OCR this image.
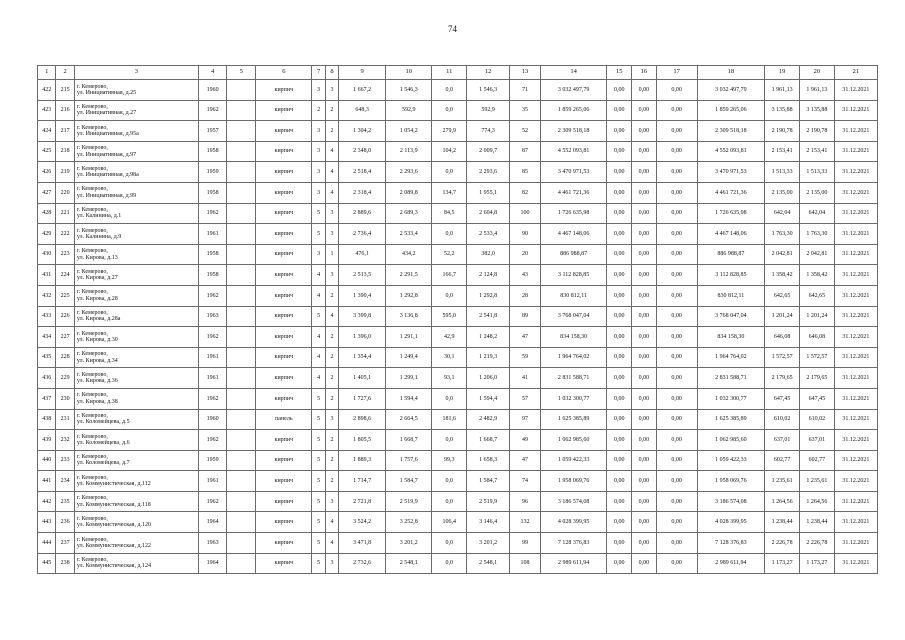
74
1	2	3	4	5	6	7	8	9	10	11	12	13	14	15	16	17	18	19	20	21
422	215	г. Кемерово,
ул. Инициативная, д.25	1960		кирпич	3	3	1 667,2	1 546,3	0,0	1 546,3	71	3 032 497,79	0,00	0,00	0,00	3 032 497,79	1 961,13	1 961,13	31.12.2021
423	216	г. Кемерово,
ул. Инициативная, д.27	1962		кирпич	2	2	648,3	592,9	0,0	592,9	35	1 859 265,06	0,00	0,00	0,00	1 859 265,06	3 135,88	3 135,88	31.12.2021
424	217	г. Кемерово,
ул. Инициативная, д.95а	1957		кирпич	3	2	1 304,2	1 054,2	279,9	774,3	52	2 309 518,18	0,00	0,00	0,00	2 309 518,18	2 190,78	2 190,78	31.12.2021
425	218	г. Кемерово,
ул. Инициативная, д.97	1958		кирпич	3	4	2 348,0	2 113,9	104,2	2 009,7	87	4 552 093,81	0,00	0,00	0,00	4 552 093,81	2 153,41	2 153,41	31.12.2021
426	219	г. Кемерово,
ул. Инициативная, д.98а	1959		кирпич	3	4	2 518,4	2 293,6	0,0	2 293,6	85	3 470 971,53	0,00	0,00	0,00	3 470 971,53	1 513,33	1 513,33	31.12.2021
427	220	г. Кемерово,
ул. Инициативная, д.99	1958		кирпич	3	4	2 318,4	2 089,8	134,7	1 955,1	82	4 461 721,36	0,00	0,00	0,00	4 461 721,36	2 135,00	2 135,00	31.12.2021
428	221	г. Кемерово,
ул. Калинина, д.1	1962		кирпич	5	3	2 889,6	2 689,3	84,5	2 604,8	100	1 726 635,98	0,00	0,00	0,00	1 726 635,98	642,04	642,04	31.12.2021
429	222	г. Кемерово,
ул. Калинина, д.9	1961		кирпич	5	3	2 736,4	2 533,4	0,0	2 533,4	90	4 467 148,06	0,00	0,00	0,00	4 467 148,06	1 763,30	1 763,30	31.12.2021
430	223	г. Кемерово,
ул. Кирова, д.13	1958		кирпич	3	1	476,1	434,2	52,2	382,0	20	886 988,87	0,00	0,00	0,00	886 988,87	2 042,81	2 042,81	31.12.2021
431	224	г. Кемерово,
ул. Кирова, д.27	1958		кирпич	4	3	2 513,5	2 291,5	166,7	2 124,8	43	3 112 828,85	0,00	0,00	0,00	3 112 828,85	1 358,42	1 358,42	31.12.2021
432	225	г. Кемерово,
ул. Кирова, д.28	1962		кирпич	4	2	1 390,4	1 292,8	0,0	1 292,8	28	830 812,11	0,00	0,00	0,00	830 812,11	642,65	642,65	31.12.2021
433	226	г. Кемерово,
ул. Кирова, д.28а	1963		кирпич	5	4	3 399,8	3 136,8	595,0	2 541,8	89	3 768 047,04	0,00	0,00	0,00	3 768 047,04	1 201,24	1 201,24	31.12.2021
434	227	г. Кемерово,
ул. Кирова, д.30	1962		кирпич	4	2	1 396,0	1 291,1	42,9	1 248,2	47	834 158,30	0,00	0,00	0,00	834 158,30	646,08	646,08	31.12.2021
435	228	г. Кемерово,
ул. Кирова, д.34	1961		кирпич	4	2	1 354,4	1 249,4	30,1	1 219,3	59	1 964 764,02	0,00	0,00	0,00	1 964 764,02	1 572,57	1 572,57	31.12.2021
436	229	г. Кемерово,
ул. Кирова, д.36	1961		кирпич	4	2	1 405,1	1 299,1	93,1	1 206,0	41	2 831 588,71	0,00	0,00	0,00	2 831 588,71	2 179,65	2 179,65	31.12.2021
437	230	г. Кемерово,
ул. Кирова, д.38	1962		кирпич	5	2	1 727,6	1 594,4	0,0	1 594,4	57	1 032 300,77	0,00	0,00	0,00	1 032 300,77	647,45	647,45	31.12.2021
438	231	г. Кемерово,
ул. Коломейцева, д.5	1960		панель	5	3	2 898,6	2 664,5	181,6	2 482,9	97	1 625 385,89	0,00	0,00	0,00	1 625 385,89	610,02	610,02	31.12.2021
439	232	г. Кемерово,
ул. Коломейцева, д.6	1962		кирпич	5	2	1 805,5	1 668,7	0,0	1 668,7	49	1 062 985,60	0,00	0,00	0,00	1 062 985,60	637,01	637,01	31.12.2021
440	233	г. Кемерово,
ул. Коломейцева, д.7	1959		кирпич	5	2	1 889,3	1 757,6	99,3	1 658,3	47	1 059 422,33	0,00	0,00	0,00	1 059 422,33	602,77	602,77	31.12.2021
441	234	г. Кемерово,
ул. Коммунистическая, д.112	1961		кирпич	5	2	1 714,7	1 584,7	0,0	1 584,7	74	1 958 069,76	0,00	0,00	0,00	1 958 069,76	1 235,61	1 235,61	31.12.2021
442	235	г. Кемерово,
ул. Коммунистическая, д.118	1962		кирпич	5	3	2 721,8	2 519,9	0,0	2 519,9	96	3 186 574,08	0,00	0,00	0,00	3 186 574,08	1 264,56	1 264,56	31.12.2021
443	236	г. Кемерово,
ул. Коммунистическая, д.120	1964		кирпич	5	4	3 524,2	3 252,8	106,4	3 146,4	132	4 028 399,95	0,00	0,00	0,00	4 028 399,95	1 238,44	1 238,44	31.12.2021
444	237	г. Кемерово,
ул. Коммунистическая, д.122	1963		кирпич	5	4	3 471,8	3 201,2	0,0	3 201,2	99	7 128 376,83	0,00	0,00	0,00	7 128 376,83	2 226,78	2 226,78	31.12.2021
445	238	г. Кемерово,
ул. Коммунистическая, д.124	1964		кирпич	5	3	2 732,6	2 548,1	0,0	2 548,1	108	2 989 611,94	0,00	0,00	0,00	2 989 611,94	1 173,27	1 173,27	31.12.2021
